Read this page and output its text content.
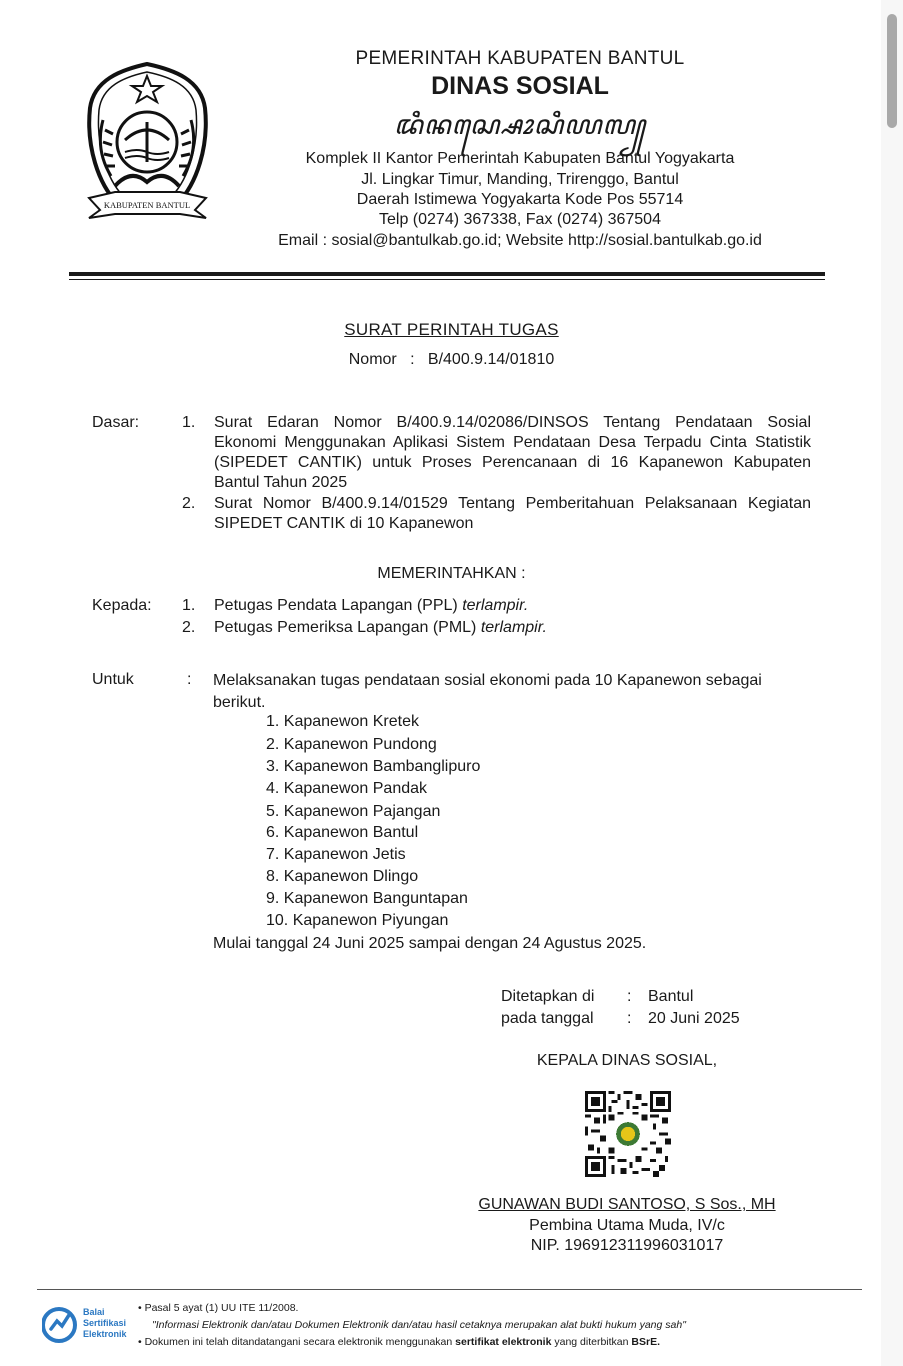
KABUPATEN BANTUL
PEMERINTAH KABUPATEN BANTUL
DINAS SOSIAL
ꦢꦶꦤꦱ꧀ꦱꦺꦴꦱꦶꦪꦭ꧀
Komplek II Kantor Pemerintah Kabupaten Bantul Yogyakarta
Jl. Lingkar Timur, Manding, Trirenggo, Bantul
Daerah Istimewa Yogyakarta Kode Pos 55714
Telp (0274) 367338, Fax (0274) 367504
Email : sosial@bantulkab.go.id; Website http://sosial.bantulkab.go.id
SURAT PERINTAH TUGAS
Nomor : B/400.9.14/01810
Dasar:	1. Surat Edaran Nomor B/400.9.14/02086/DINSOS Tentang Pendataan Sosial Ekonomi Menggunakan Aplikasi Sistem Pendataan Desa Terpadu Cinta Statistik (SIPEDET CANTIK) untuk Proses Perencanaan di 16 Kapanewon Kabupaten Bantul Tahun 2025
2. Surat Nomor B/400.9.14/01529 Tentang Pemberitahuan Pelaksanaan Kegiatan SIPEDET CANTIK di 10 Kapanewon
MEMERINTAHKAN :
Kepada: 1. Petugas Pendata Lapangan (PPL) terlampir.
2. Petugas Pemeriksa Lapangan (PML) terlampir.
Untuk	: Melaksanakan tugas pendataan sosial ekonomi pada 10 Kapanewon sebagai berikut.
1. Kapanewon Kretek
2. Kapanewon Pundong
3. Kapanewon Bambanglipuro
4. Kapanewon Pandak
5. Kapanewon Pajangan
6. Kapanewon Bantul
7. Kapanewon Jetis
8. Kapanewon Dlingo
9. Kapanewon Banguntapan
10. Kapanewon Piyungan
Mulai tanggal 24 Juni 2025 sampai dengan 24 Agustus 2025.
Ditetapkan di : Bantul
pada tanggal : 20 Juni 2025
KEPALA DINAS SOSIAL,
GUNAWAN BUDI SANTOSO, S Sos., MH
Pembina Utama Muda, IV/c
NIP. 196912311996031017
Balai
Sertifikasi
Elektronik
• Pasal 5 ayat (1) UU ITE 11/2008.
"Informasi Elektronik dan/atau Dokumen Elektronik dan/atau hasil cetaknya merupakan alat bukti hukum yang sah"
• Dokumen ini telah ditandatangani secara elektronik menggunakan sertifikat elektronik yang diterbitkan BSrE.
